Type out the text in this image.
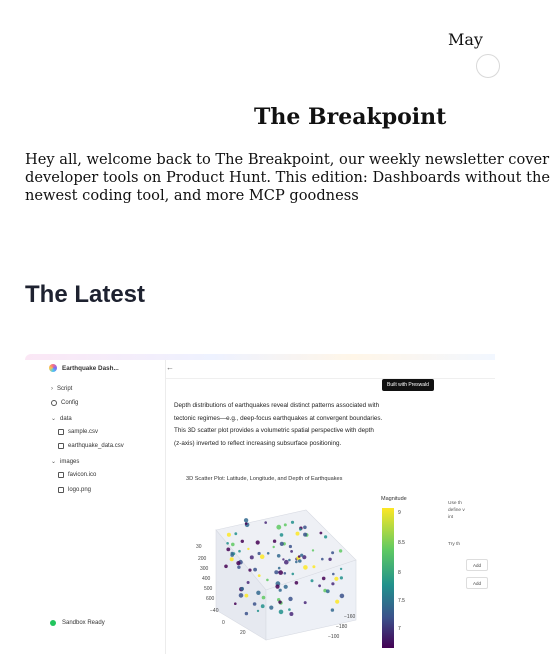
May
The Breakpoint
Hey all, welcome back to The Breakpoint, our weekly newsletter cover
developer tools on Product Hunt. This edition: Dashboards without the
newest coding tool, and more MCP goodness
The Latest
Earthquake Dash...
› Script
Config
⌄ data
sample.csv
earthquake_data.csv
⌄ images
favicon.ico
logo.png
Sandbox Ready
←
Built with Preswald
Depth distributions of earthquakes reveal distinct patterns associated with
tectonic regimes—e.g., deep-focus earthquakes at convergent boundaries.
This 3D scatter plot provides a volumetric spatial perspective with depth
(z-axis) inverted to reflect increasing subsurface positioning.
3D Scatter Plot: Latitude, Longitude, and Depth of Earthquakes
30
200
300
400
500
600
−40
0
20
−160
−180
−100
Magnitude
9
8.5
8
7.5
7
Use th
define v
int
Try th
Add
Add
